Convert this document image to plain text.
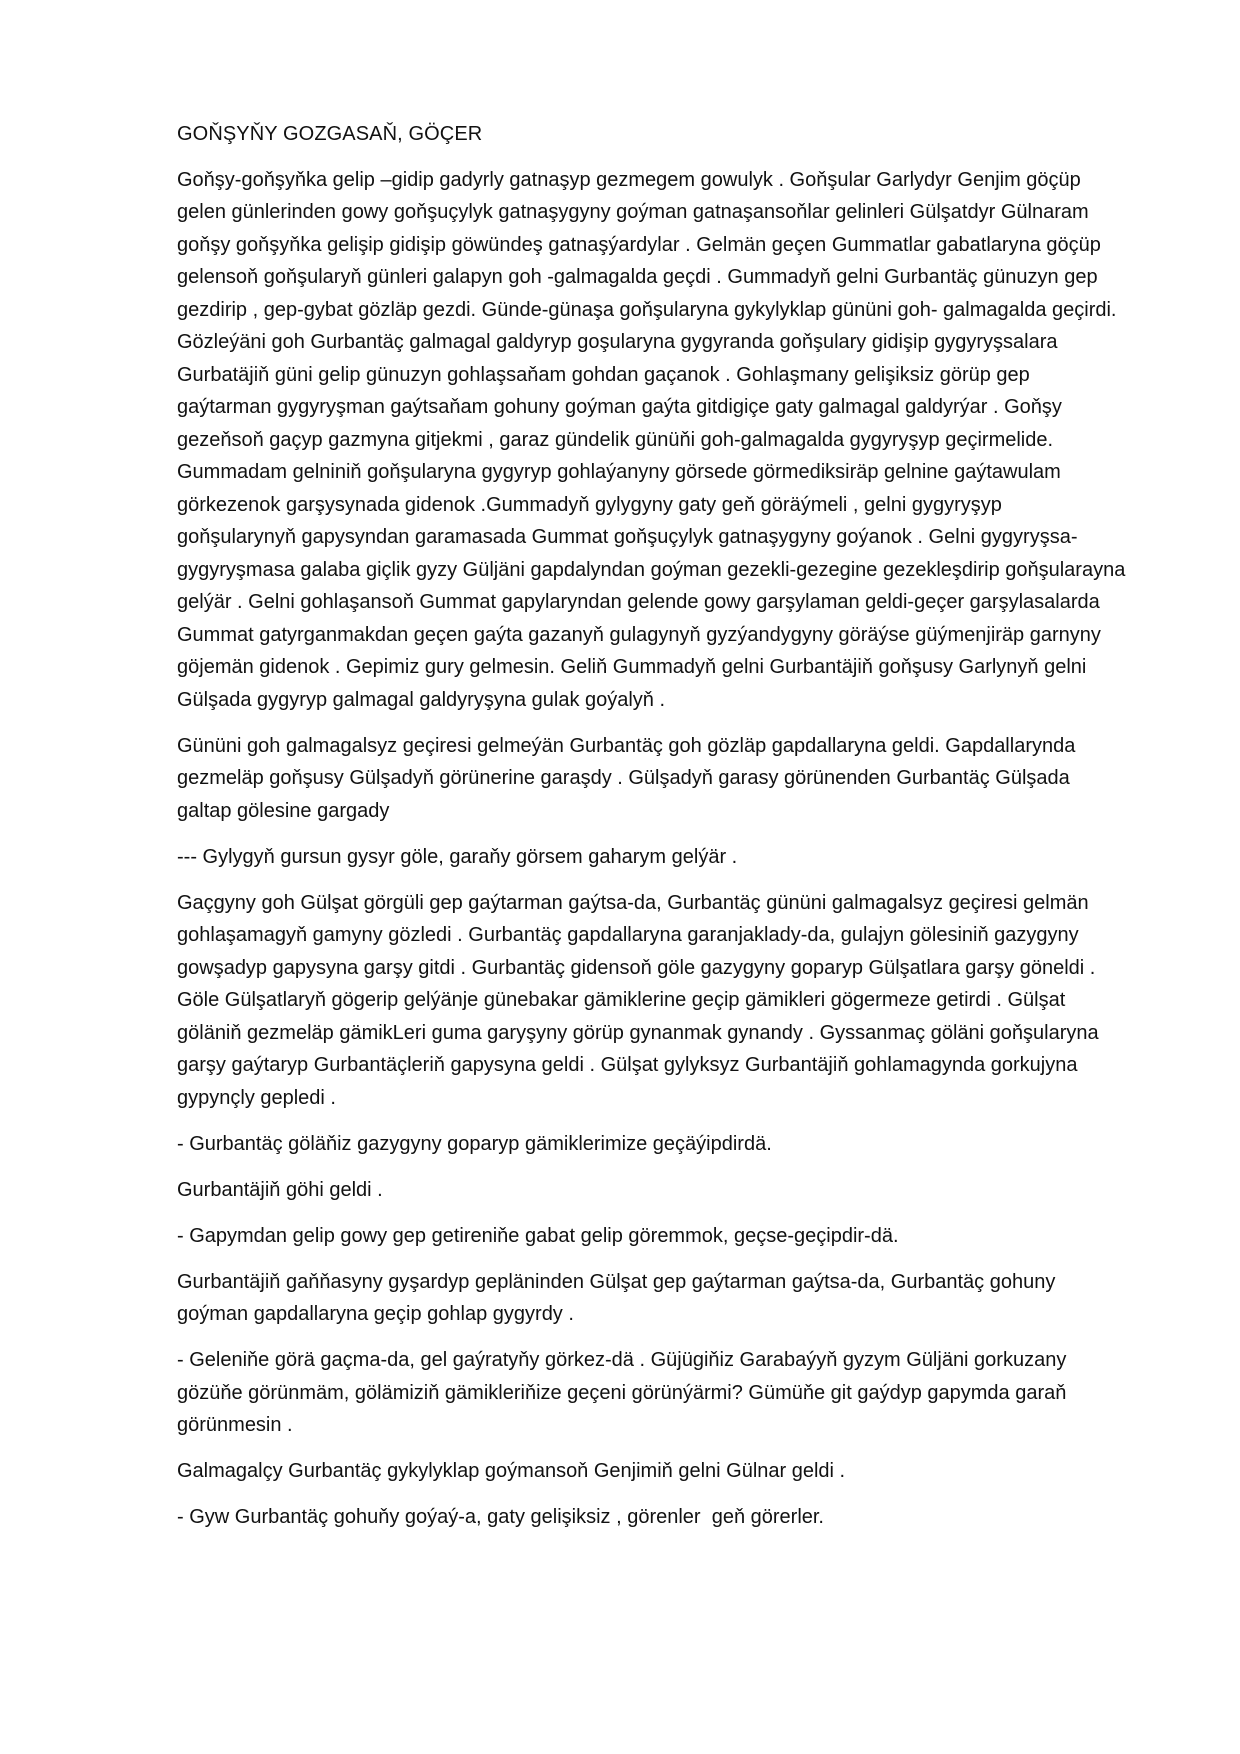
GOŇŞYŇY GOZGASAŇ, GÖÇER

Goňşy-goňşyňka gelip –gidip gadyrly gatnaşyp gezmegem gowulyk . Goňşular Garlydyr Genjim göçüp
gelen günlerinden gowy goňşuçylyk gatnaşygyny goýman gatnaşansoňlar gelinleri Gülşatdyr Gülnaram
goňşy goňşyňka gelişip gidişip göwündeş gatnaşýardylar . Gelmän geçen Gummatlar gabatlaryna göçüp
gelensoň goňşularyň günleri galapyn goh -galmagalda geçdi . Gummadyň gelni Gurbantäç günuzyn gep
gezdirip , gep-gybat gözläp gezdi. Günde-günaşa goňşularyna gykylyklap gününi goh- galmagalda geçirdi.
Gözleýäni goh Gurbantäç galmagal galdyryp goşularyna gygyranda goňşulary gidişip gygyryşsalara
Gurbatäjiň güni gelip günuzyn gohlaşsaňam gohdan gaçanok . Gohlaşmany gelişiksiz görüp gep
gaýtarman gygyryşman gaýtsaňam gohuny goýman gaýta gitdigiçe gaty galmagal galdyrýar . Goňşy
gezeňsoň gaçyp gazmyna gitjekmi , garaz gündelik günüňi goh-galmagalda gygyryşyp geçirmelide.
Gummadam gelniniň goňşularyna gygyryp gohlaýanyny görsede görmediksiräp gelnine gaýtawulam
görkezenok garşysynada gidenok .Gummadyň gylygyny gaty geň göräýmeli , gelni gygyryşyp
goňşularynyň gapysyndan garamasada Gummat goňşuçylyk gatnaşygyny goýanok . Gelni gygyryşsa-
gygyryşmasa galaba giçlik gyzy Güljäni gapdalyndan goýman gezekli-gezegine gezekleşdirip goňşularayna
gelýär . Gelni gohlaşansoň Gummat gapylaryndan gelende gowy garşylaman geldi-geçer garşylasalarda
Gummat gatyrganmakdan geçen gaýta gazanyň gulagynyň gyzýandygyny göräýse güýmenjiräp garnyny
göjemän gidenok . Gepimiz gury gelmesin. Geliň Gummadyň gelni Gurbantäjiň goňşusy Garlynyň gelni
Gülşada gygyryp galmagal galdyryşyna gulak goýalyň .

Gününi goh galmagalsyz geçiresi gelmeýän Gurbantäç goh gözläp gapdallaryna geldi. Gapdallarynda
gezmeläp goňşusy Gülşadyň görünerine garaşdy . Gülşadyň garasy görünenden Gurbantäç Gülşada
galtap gölesine gargady

--- Gylygyň gursun gysyr göle, garaňy görsem gaharym gelýär .

Gaçgyny goh Gülşat görgüli gep gaýtarman gaýtsa-da, Gurbantäç gününi galmagalsyz geçiresi gelmän
gohlaşamagyň gamyny gözledi . Gurbantäç gapdallaryna garanjaklady-da, gulajyn gölesiniň gazygyny
gowşadyp gapysyna garşy gitdi . Gurbantäç gidensoň göle gazygyny goparyp Gülşatlara garşy göneldi .
Göle Gülşatlaryň gögerip gelýänje günebakar gämiklerine geçip gämikleri gögermeze getirdi . Gülşat
göläniň gezmeläp gämikLeri guma garyşyny görüp gynanmak gynandy . Gyssanmaç göläni goňşularyna
garşy gaýtaryp Gurbantäçleriň gapysyna geldi . Gülşat gylyksyz Gurbantäjiň gohlamagynda gorkujyna
gypynçly gepledi .

- Gurbantäç göläňiz gazygyny goparyp gämiklerimize geçäýipdirdä.

Gurbantäjiň göhi geldi .

- Gapymdan gelip gowy gep getireniňe gabat gelip göremmok, geçse-geçipdir-dä.

Gurbantäjiň gaňňasyny gyşardyp gepläninden Gülşat gep gaýtarman gaýtsa-da, Gurbantäç gohuny
goýman gapdallaryna geçip gohlap gygyrdy .

- Geleniňe görä gaçma-da, gel gaýratyňy görkez-dä . Güjügiňiz Garabaýyň gyzym Güljäni gorkuzany
gözüňe görünmäm, gölämiziň gämikleriňize geçeni görünýärmi? Gümüňe git gaýdyp gapymda garaň
görünmesin .

Galmagalçy Gurbantäç gykylyklap goýmansoň Genjimiň gelni Gülnar geldi .

- Gyw Gurbantäç gohuňy goýaý-a, gaty gelişiksiz , görenler  geň görerler.
